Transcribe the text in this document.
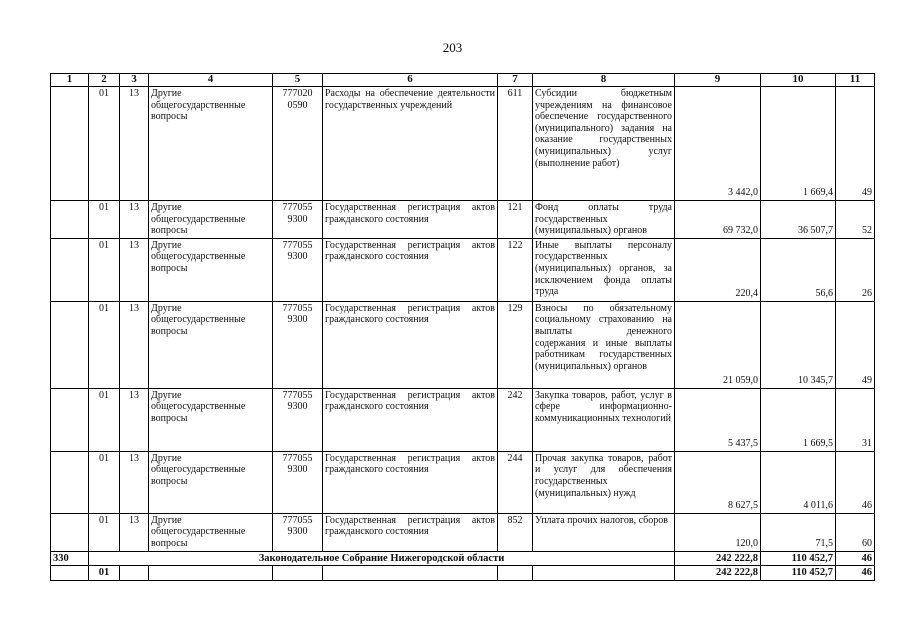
203
1	2	3	4	5	6	7	8	9	10	11
	01	13	Другие общегосударственные вопросы	777020 0590	Расходы на обеспечение деятельности государственных учреждений	611	Субсидии бюджетным учреждениям на финансовое обеспечение государственного (муниципального) задания на оказание государственных (муниципальных) услуг (выполнение работ)	3 442,0	1 669,4	49
	01	13	Другие общегосударственные вопросы	777055 9300	Государственная регистрация актов гражданского состояния	121	Фонд оплаты труда государственных (муниципальных) органов	69 732,0	36 507,7	52
	01	13	Другие общегосударственные вопросы	777055 9300	Государственная регистрация актов гражданского состояния	122	Иные выплаты персоналу государственных (муниципальных) органов, за исключением фонда оплаты труда	220,4	56,6	26
	01	13	Другие общегосударственные вопросы	777055 9300	Государственная регистрация актов гражданского состояния	129	Взносы по обязательному социальному страхованию на выплаты денежного содержания и иные выплаты работникам государственных (муниципальных) органов	21 059,0	10 345,7	49
	01	13	Другие общегосударственные вопросы	777055 9300	Государственная регистрация актов гражданского состояния	242	Закупка товаров, работ, услуг в сфере информационно-коммуникационных технологий	5 437,5	1 669,5	31
	01	13	Другие общегосударственные вопросы	777055 9300	Государственная регистрация актов гражданского состояния	244	Прочая закупка товаров, работ и услуг для обеспечения государственных (муниципальных) нужд	8 627,5	4 011,6	46
	01	13	Другие общегосударственные вопросы	777055 9300	Государственная регистрация актов гражданского состояния	852	Уплата прочих налогов, сборов	120,0	71,5	60
330	Законодательное Собрание Нижегородской области							242 222,8	110 452,7	46
	01							242 222,8	110 452,7	46
